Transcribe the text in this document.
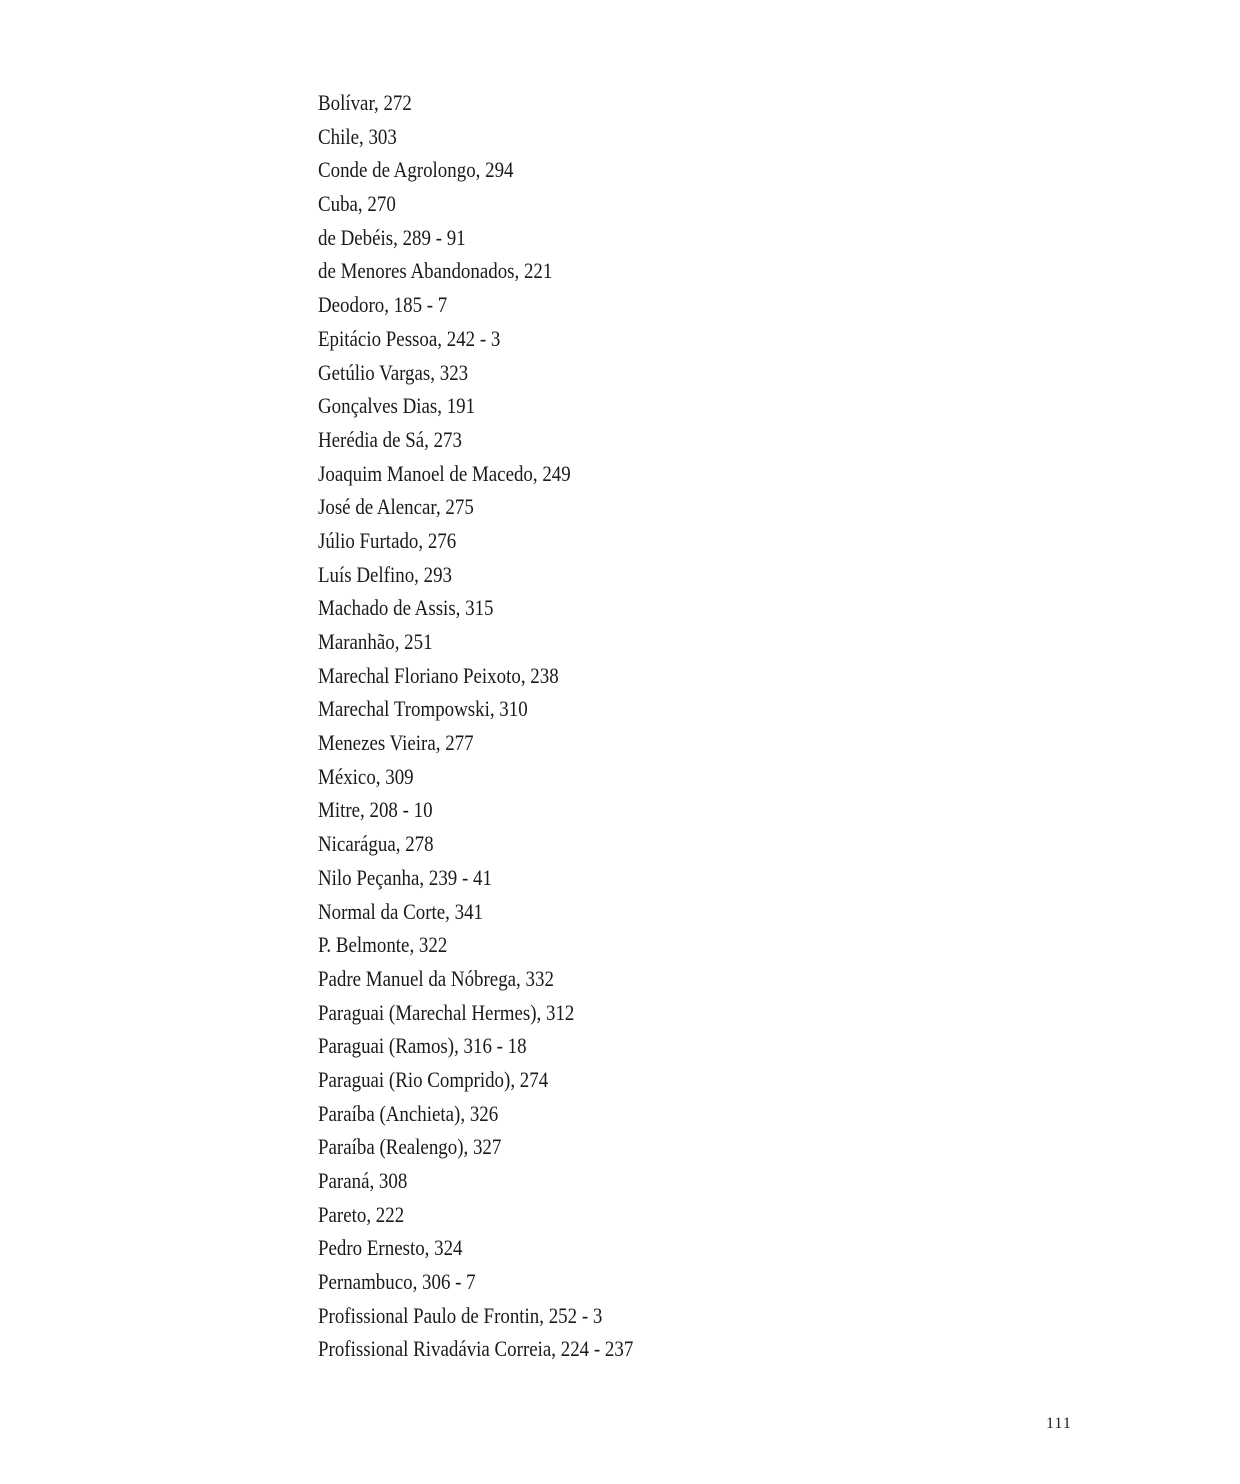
Bolívar, 272
Chile, 303
Conde de Agrolongo, 294
Cuba, 270
de Debéis, 289 - 91
de Menores Abandonados, 221
Deodoro, 185 - 7
Epitácio Pessoa, 242 - 3
Getúlio Vargas, 323
Gonçalves Dias, 191
Herédia de Sá, 273
Joaquim Manoel de Macedo, 249
José de Alencar, 275
Júlio Furtado, 276
Luís Delfino, 293
Machado de Assis, 315
Maranhão, 251
Marechal Floriano Peixoto, 238
Marechal Trompowski, 310
Menezes Vieira, 277
México, 309
Mitre, 208 - 10
Nicarágua, 278
Nilo Peçanha, 239 - 41
Normal da Corte, 341
P. Belmonte, 322
Padre Manuel da Nóbrega, 332
Paraguai (Marechal Hermes), 312
Paraguai (Ramos), 316 - 18
Paraguai (Rio Comprido), 274
Paraíba (Anchieta), 326
Paraíba (Realengo), 327
Paraná, 308
Pareto, 222
Pedro Ernesto, 324
Pernambuco, 306 - 7
Profissional Paulo de Frontin, 252 - 3
Profissional Rivadávia Correia, 224 - 237
111
